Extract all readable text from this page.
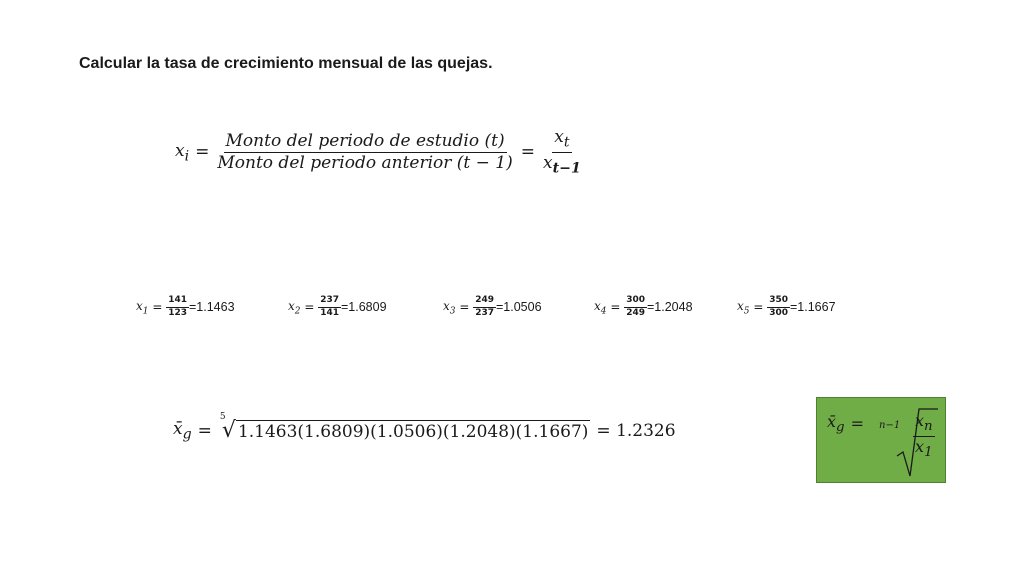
Calcular la tasa de crecimiento mensual de las quejas.
$x_i = \frac{\text{Monto del periodo de estudio (t)}}{\text{Monto del periodo anterior (t − 1)}} = \frac{x_t}{x_{t-1}}$
$x_1 = \frac{141}{123} =1.1463$	$x_2 = \frac{237}{141} =1.6809$	$x_3 = \frac{249}{237} =1.0506$	$x_4 = \frac{300}{249} =1.2048$	$x_5 = \frac{350}{300} =1.1667$
$x̄_g$ =
5
√ 1.1463(1.6809)(1.0506)(1.2048)(1.1667) = 1.2326	$x̄_g = n-1 \frac{x_n}{x_1}$
